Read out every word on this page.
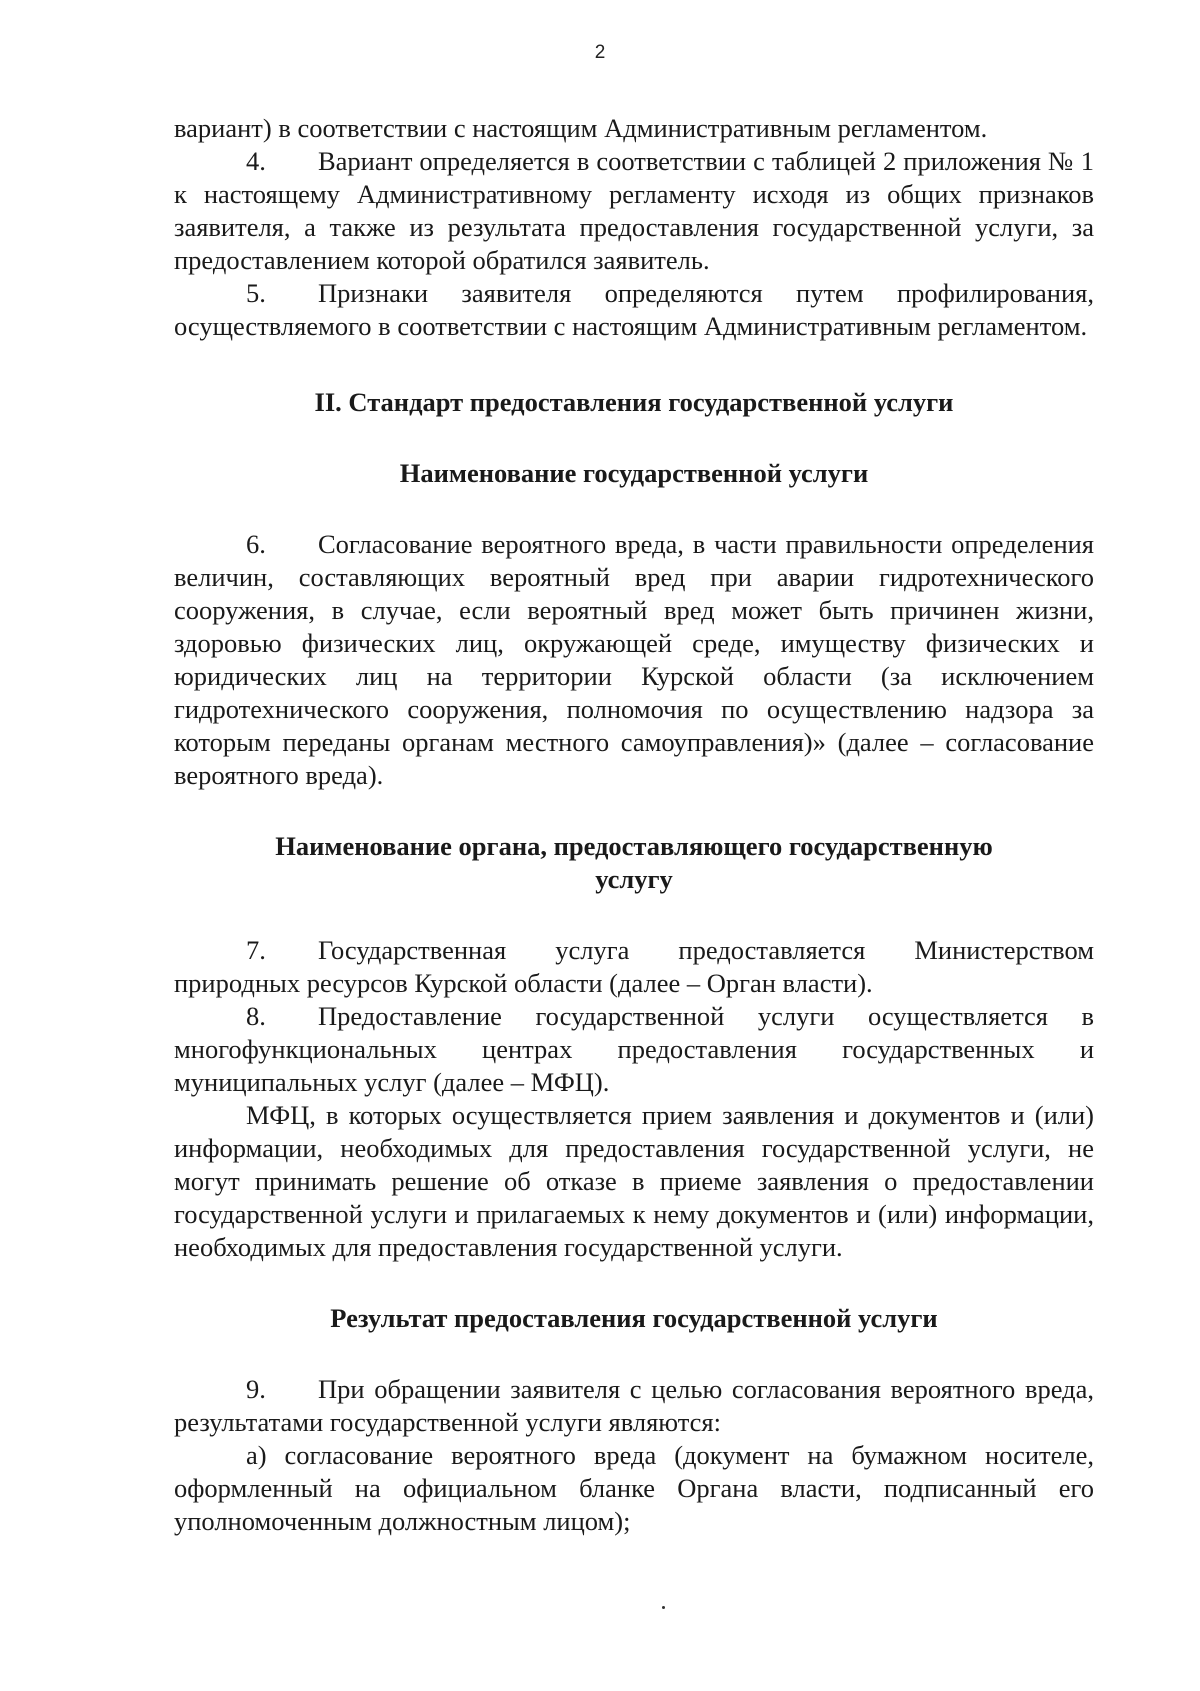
2

вариант) в соответствии с настоящим Административным регламентом.

4. Вариант определяется в соответствии с таблицей 2 приложения № 1 к настоящему Административному регламенту исходя из общих признаков заявителя, а также из результата предоставления государственной услуги, за предоставлением которой обратился заявитель.

5. Признаки заявителя определяются путем профилирования, осуществляемого в соответствии с настоящим Административным регламентом.

II. Стандарт предоставления государственной услуги

Наименование государственной услуги

6. Согласование вероятного вреда, в части правильности определения величин, составляющих вероятный вред при аварии гидротехнического сооружения, в случае, если вероятный вред может быть причинен жизни, здоровью физических лиц, окружающей среде, имуществу физических и юридических лиц на территории Курской области (за исключением гидротехнического сооружения, полномочия по осуществлению надзора за которым переданы органам местного самоуправления)» (далее – согласование вероятного вреда).

Наименование органа, предоставляющего государственную
услугу

7. Государственная услуга предоставляется Министерством природных ресурсов Курской области (далее – Орган власти).

8. Предоставление государственной услуги осуществляется в многофункциональных центрах предоставления государственных и муниципальных услуг (далее – МФЦ).

МФЦ, в которых осуществляется прием заявления и документов и (или) информации, необходимых для предоставления государственной услуги, не могут принимать решение об отказе в приеме заявления о предоставлении государственной услуги и прилагаемых к нему документов и (или) информации, необходимых для предоставления государственной услуги.

Результат предоставления государственной услуги

9. При обращении заявителя с целью согласования вероятного вреда, результатами государственной услуги являются:

а) согласование вероятного вреда (документ на бумажном носителе, оформленный на официальном бланке Органа власти, подписанный его уполномоченным должностным лицом);
